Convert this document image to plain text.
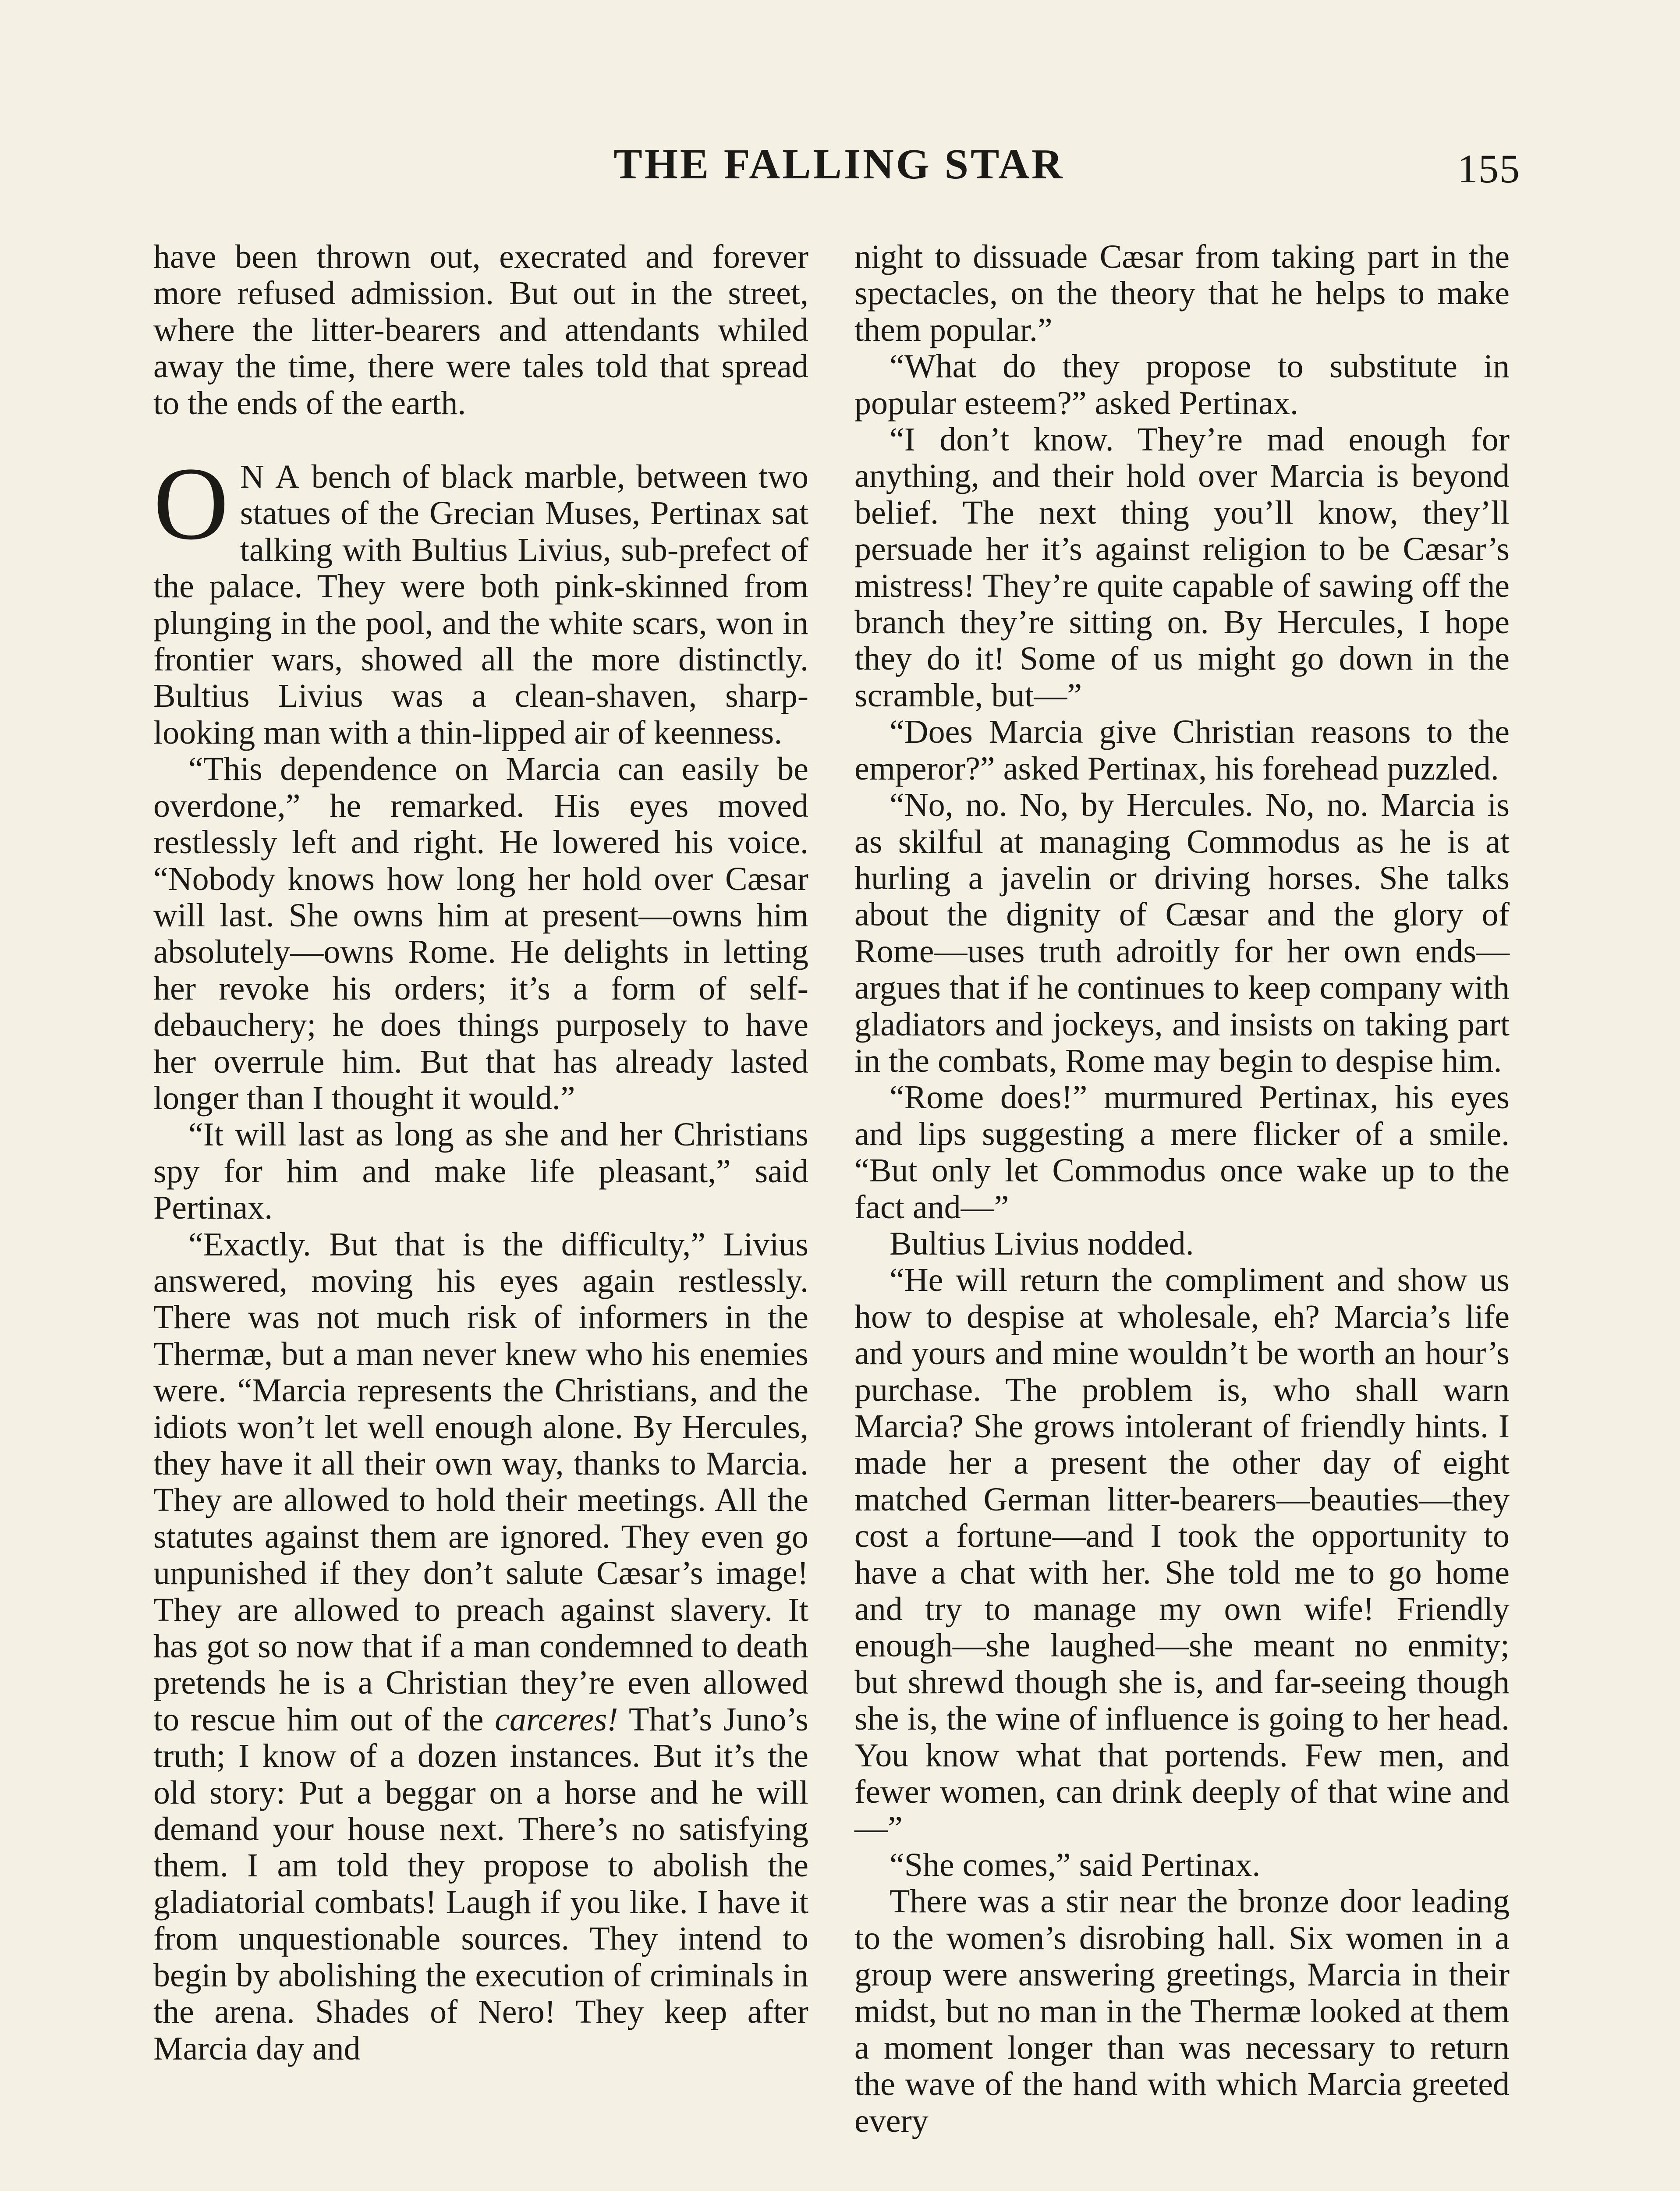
THE FALLING STAR	155

have been thrown out, execrated and forever more refused admission. But out in the street, where the litter-bearers and attendants whiled away the time, there were tales told that spread to the ends of the earth.

O N A bench of black marble, between two statues of the Grecian Muses, Pertinax sat talking with Bultius Livius, sub-prefect of the palace. They were both pink-skinned from plunging in the pool, and the white scars, won in frontier wars, showed all the more distinctly. Bultius Livius was a clean-shaven, sharp-looking man with a thin-lipped air of keenness.

“This dependence on Marcia can easily be overdone,” he remarked. His eyes moved restlessly left and right. He lowered his voice. “Nobody knows how long her hold over Cæsar will last. She owns him at present—owns him absolutely—owns Rome. He delights in letting her revoke his orders; it’s a form of self-debauchery; he does things purposely to have her overrule him. But that has already lasted longer than I thought it would.”

“It will last as long as she and her Christians spy for him and make life pleasant,” said Pertinax.

“Exactly. But that is the difficulty,” Livius answered, moving his eyes again restlessly. There was not much risk of informers in the Thermæ, but a man never knew who his enemies were. “Marcia represents the Christians, and the idiots won’t let well enough alone. By Hercules, they have it all their own way, thanks to Marcia. They are allowed to hold their meetings. All the statutes against them are ignored. They even go unpunished if they don’t salute Cæsar’s image! They are allowed to preach against slavery. It has got so now that if a man condemned to death pretends he is a Christian they’re even allowed to rescue him out of the carceres! That’s Juno’s truth; I know of a dozen instances. But it’s the old story: Put a beggar on a horse and he will demand your house next. There’s no satisfying them. I am told they propose to abolish the gladiatorial combats! Laugh if you like. I have it from unquestionable sources. They intend to begin by abolishing the execution of criminals in the arena. Shades of Nero! They keep after Marcia day and

night to dissuade Cæsar from taking part in the spectacles, on the theory that he helps to make them popular.”

“What do they propose to substitute in popular esteem?” asked Pertinax.

“I don’t know. They’re mad enough for anything, and their hold over Marcia is beyond belief. The next thing you’ll know, they’ll persuade her it’s against religion to be Cæsar’s mistress! They’re quite capable of sawing off the branch they’re sitting on. By Hercules, I hope they do it! Some of us might go down in the scramble, but—”

“Does Marcia give Christian reasons to the emperor?” asked Pertinax, his forehead puzzled.

“No, no. No, by Hercules. No, no. Marcia is as skilful at managing Commodus as he is at hurling a javelin or driving horses. She talks about the dignity of Cæsar and the glory of Rome—uses truth adroitly for her own ends—argues that if he continues to keep company with gladiators and jockeys, and insists on taking part in the combats, Rome may begin to despise him.

“Rome does!” murmured Pertinax, his eyes and lips suggesting a mere flicker of a smile. “But only let Commodus once wake up to the fact and—”

Bultius Livius nodded.

“He will return the compliment and show us how to despise at wholesale, eh? Marcia’s life and yours and mine wouldn’t be worth an hour’s purchase. The problem is, who shall warn Marcia? She grows intolerant of friendly hints. I made her a present the other day of eight matched German litter-bearers—beauties—they cost a fortune—and I took the opportunity to have a chat with her. She told me to go home and try to manage my own wife! Friendly enough—she laughed—she meant no enmity; but shrewd though she is, and far-seeing though she is, the wine of influence is going to her head. You know what that portends. Few men, and fewer women, can drink deeply of that wine and—”

“She comes,” said Pertinax.

There was a stir near the bronze door leading to the women’s disrobing hall. Six women in a group were answering greetings, Marcia in their midst, but no man in the Thermæ looked at them a moment longer than was necessary to return the wave of the hand with which Marcia greeted every
